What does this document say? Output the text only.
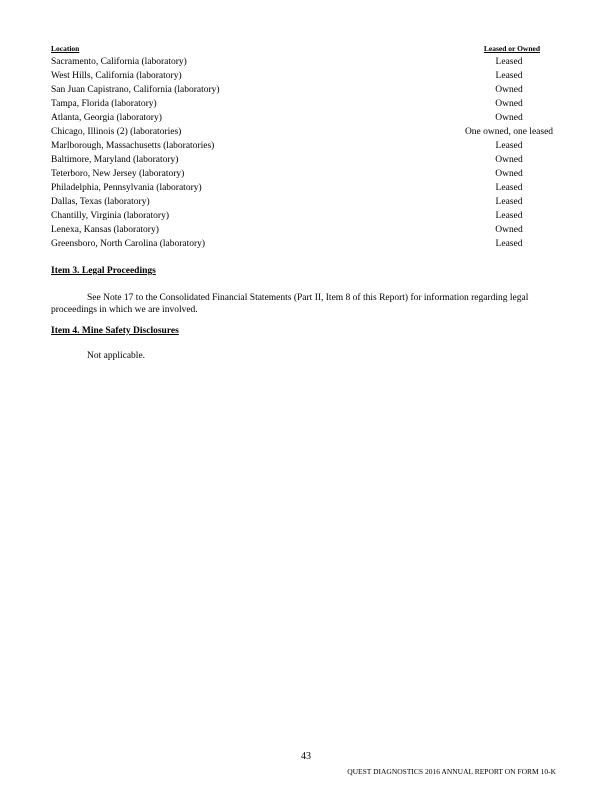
Location	Leased or Owned
Sacramento, California (laboratory)	Leased
West Hills, California (laboratory)	Leased
San Juan Capistrano, California (laboratory)	Owned
Tampa, Florida (laboratory)	Owned
Atlanta, Georgia (laboratory)	Owned
Chicago, Illinois (2) (laboratories)	One owned, one leased
Marlborough, Massachusetts (laboratories)	Leased
Baltimore, Maryland (laboratory)	Owned
Teterboro, New Jersey (laboratory)	Owned
Philadelphia, Pennsylvania (laboratory)	Leased
Dallas, Texas (laboratory)	Leased
Chantilly, Virginia (laboratory)	Leased
Lenexa, Kansas (laboratory)	Owned
Greensboro, North Carolina (laboratory)	Leased
Item 3. Legal Proceedings
See Note 17 to the Consolidated Financial Statements (Part II, Item 8 of this Report) for information regarding legal proceedings in which we are involved.
Item 4. Mine Safety Disclosures
Not applicable.
43
QUEST DIAGNOSTICS 2016 ANNUAL REPORT ON FORM 10-K
